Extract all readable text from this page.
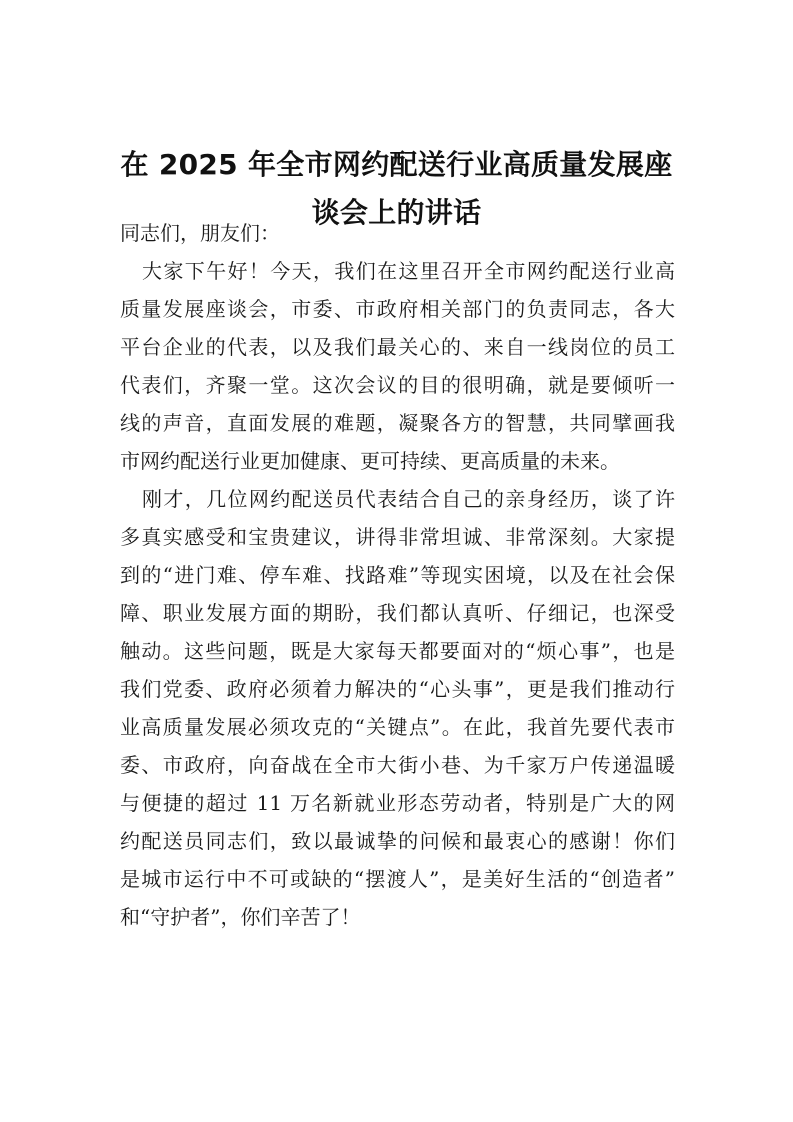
在 2025 年全市网约配送行业高质量发展座
谈会上的讲话
同志们，朋友们：

大家下午好！今天，我们在这里召开全市网约配送行业高
质量发展座谈会，市委、市政府相关部门的负责同志，各大
平台企业的代表，以及我们最关心的、来自一线岗位的员工
代表们，齐聚一堂。这次会议的目的很明确，就是要倾听一
线的声音，直面发展的难题，凝聚各方的智慧，共同擘画我
市网约配送行业更加健康、更可持续、更高质量的未来。

刚才，几位网约配送员代表结合自己的亲身经历，谈了许
多真实感受和宝贵建议，讲得非常坦诚、非常深刻。大家提
到的“进门难、停车难、找路难”等现实困境，以及在社会保
障、职业发展方面的期盼，我们都认真听、仔细记，也深受
触动。这些问题，既是大家每天都要面对的“烦心事”，也是
我们党委、政府必须着力解决的“心头事”，更是我们推动行
业高质量发展必须攻克的“关键点”。在此，我首先要代表市
委、市政府，向奋战在全市大街小巷、为千家万户传递温暖
与便捷的超过 11 万名新就业形态劳动者，特别是广大的网
约配送员同志们，致以最诚挚的问候和最衷心的感谢！你们
是城市运行中不可或缺的“摆渡人”，是美好生活的“创造者”
和“守护者”，你们辛苦了！
